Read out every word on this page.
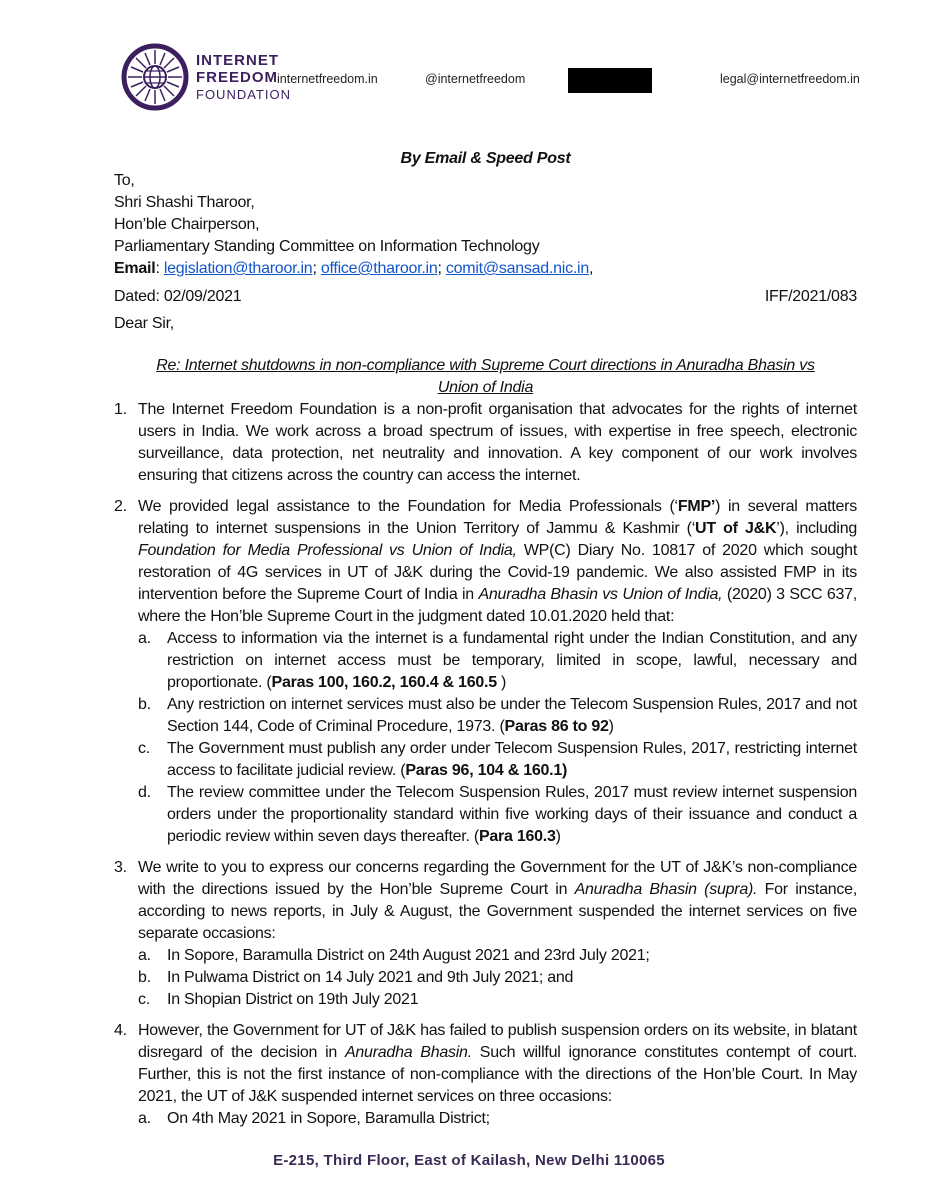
INTERNET
FREEDOM
FOUNDATION
internetfreedom.in	@internetfreedom	legal@internetfreedom.in

By Email & Speed Post

To,

Shri Shashi Tharoor,

Hon’ble Chairperson,

Parliamentary Standing Committee on Information Technology

Email: legislation@tharoor.in; office@tharoor.in; comit@sansad.nic.in,

Dated: 02/09/2021	IFF/2021/083

Dear Sir,

Re: Internet shutdowns in non-compliance with Supreme Court directions in Anuradha Bhasin vs
Union of India
1. The Internet Freedom Foundation is a non-profit organisation that advocates for the rights of internet users in India. We work across a broad spectrum of issues, with expertise in free speech, electronic surveillance, data protection, net neutrality and innovation. A key component of our work involves ensuring that citizens across the country can access the internet.
2. We provided legal assistance to the Foundation for Media Professionals (‘FMP’) in several matters relating to internet suspensions in the Union Territory of Jammu & Kashmir (‘UT of J&K’), including Foundation for Media Professional vs Union of India, WP(C) Diary No. 10817 of 2020 which sought restoration of 4G services in UT of J&K during the Covid-19 pandemic. We also assisted FMP in its intervention before the Supreme Court of India in Anuradha Bhasin vs Union of India, (2020) 3 SCC 637, where the Hon’ble Supreme Court in the judgment dated 10.01.2020 held that:
a.	Access to information via the internet is a fundamental right under the Indian Constitution, and any restriction on internet access must be temporary, limited in scope, lawful, necessary and proportionate. (Paras 100, 160.2, 160.4 & 160.5 )
b.	Any restriction on internet services must also be under the Telecom Suspension Rules, 2017 and not Section 144, Code of Criminal Procedure, 1973. (Paras 86 to 92)
c.	The Government must publish any order under Telecom Suspension Rules, 2017, restricting internet access to facilitate judicial review. (Paras 96, 104 & 160.1)
d.	The review committee under the Telecom Suspension Rules, 2017 must review internet suspension orders under the proportionality standard within five working days of their issuance and conduct a periodic review within seven days thereafter. (Para 160.3)
3. We write to you to express our concerns regarding the Government for the UT of J&K’s non-compliance with the directions issued by the Hon’ble Supreme Court in Anuradha Bhasin (supra). For instance, according to news reports, in July & August, the Government suspended the internet services on five separate occasions:
a.	In Sopore, Baramulla District on 24th August 2021 and 23rd July 2021;
b.	In Pulwama District on 14 July 2021 and 9th July 2021; and
c.	In Shopian District on 19th July 2021
4. However, the Government for UT of J&K has failed to publish suspension orders on its website, in blatant disregard of the decision in Anuradha Bhasin. Such willful ignorance constitutes contempt of court. Further, this is not the first instance of non-compliance with the directions of the Hon’ble Court. In May 2021, the UT of J&K suspended internet services on three occasions:
a.	On 4th May 2021 in Sopore, Baramulla District;
E-215, Third Floor, East of Kailash, New Delhi 110065
